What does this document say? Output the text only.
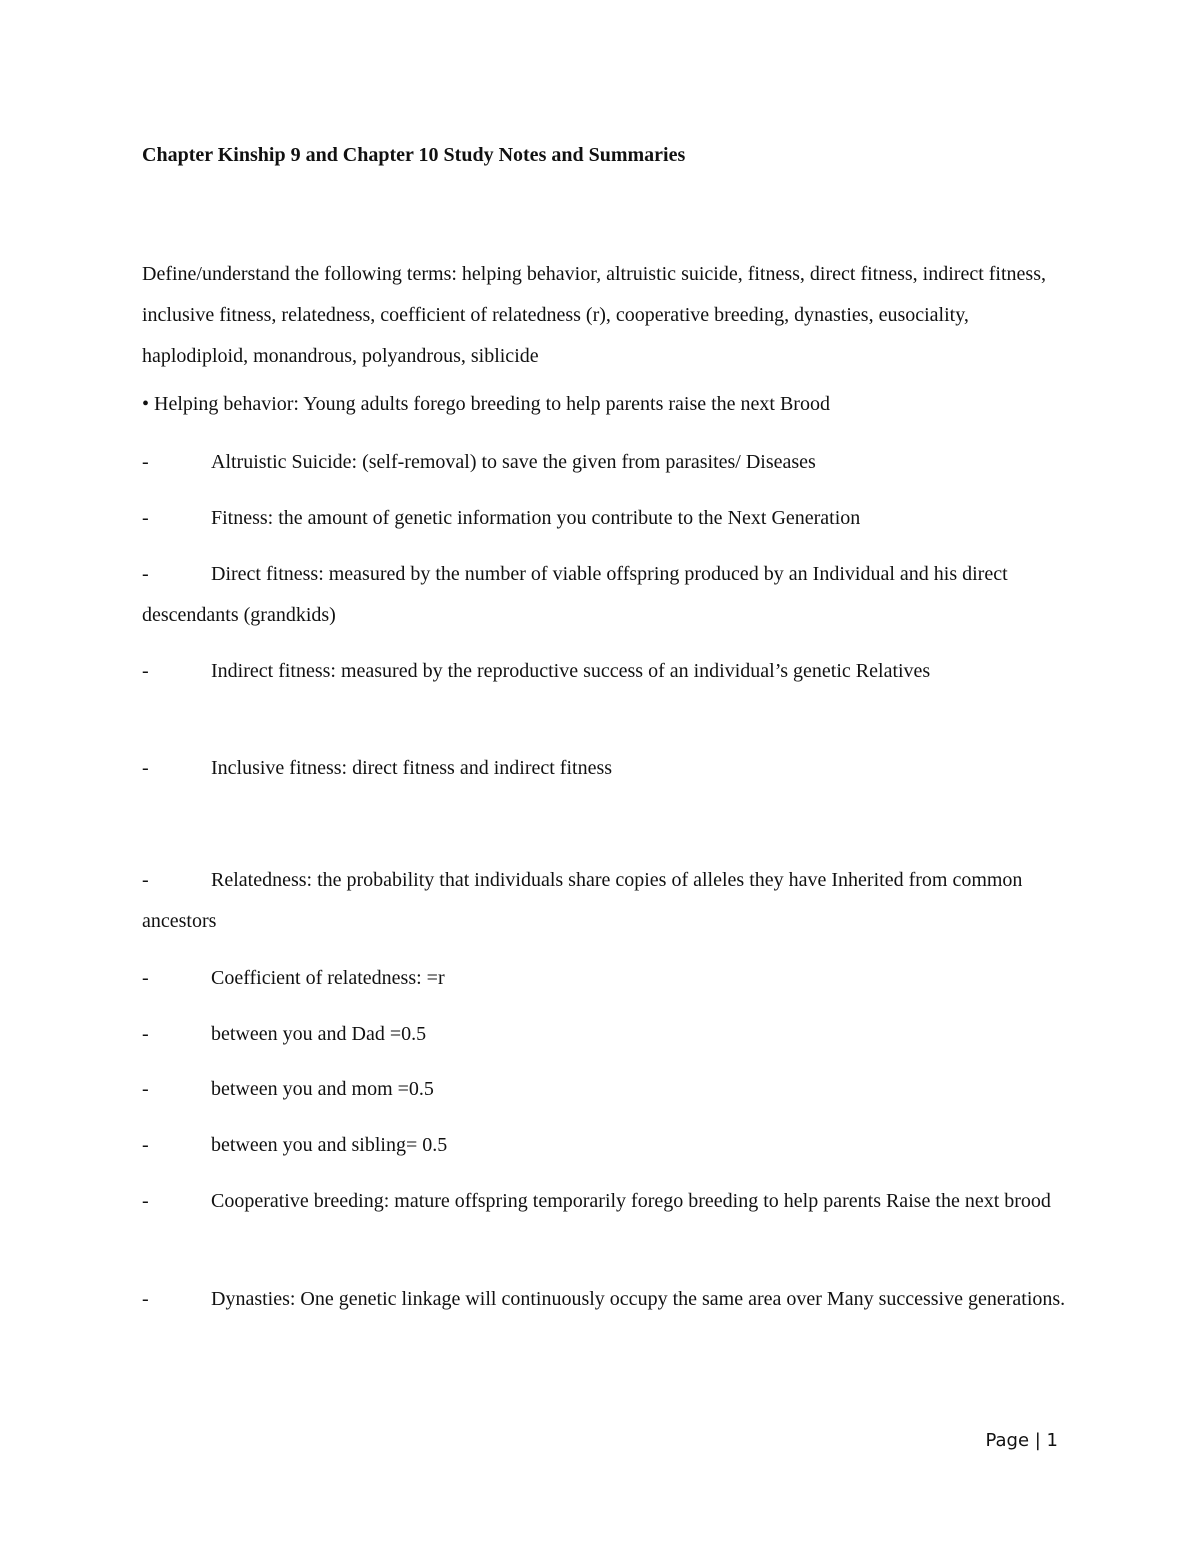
Chapter Kinship 9 and Chapter 10 Study Notes and Summaries

Define/understand the following terms: helping behavior, altruistic suicide, fitness, direct fitness, indirect fitness, inclusive fitness, relatedness, coefficient of relatedness (r), cooperative breeding, dynasties, eusociality, haplodiploid, monandrous, polyandrous, siblicide

• Helping behavior: Young adults forego breeding to help parents raise the next Brood

-	Altruistic Suicide: (self-removal) to save the given from parasites/ Diseases

-	Fitness: the amount of genetic information you contribute to the Next Generation

-	Direct fitness: measured by the number of viable offspring produced by an Individual and his direct descendants (grandkids)

-	Indirect fitness: measured by the reproductive success of an individual’s genetic Relatives

-	Inclusive fitness: direct fitness and indirect fitness

-	Relatedness: the probability that individuals share copies of alleles they have Inherited from common ancestors

-	Coefficient of relatedness: =r

-	between you and Dad =0.5

-	between you and mom =0.5

-	between you and sibling= 0.5

-	Cooperative breeding: mature offspring temporarily forego breeding to help parents Raise the next brood

-	Dynasties: One genetic linkage will continuously occupy the same area over Many successive generations.

Page | 1
